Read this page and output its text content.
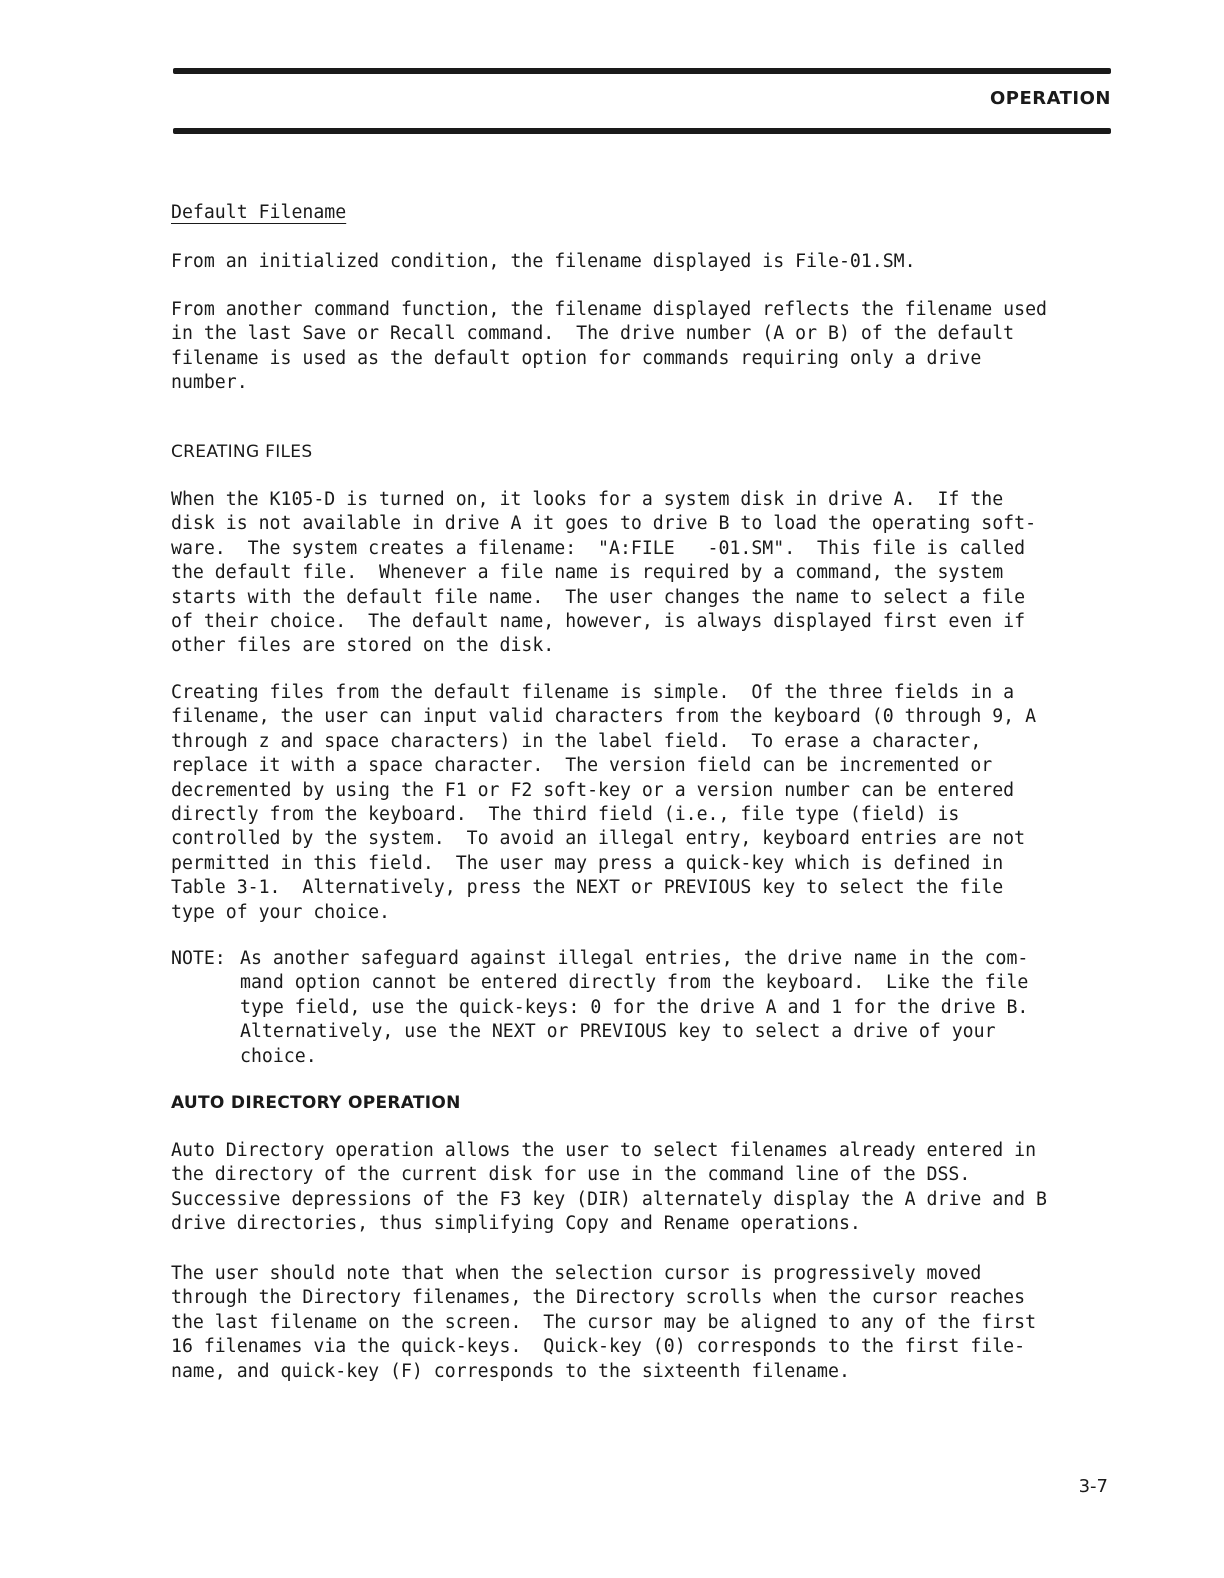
OPERATION
Default Filename

From an initialized condition, the filename displayed is File-01.SM.

From another command function, the filename displayed reflects the filename used
in the last Save or Recall command.  The drive number (A or B) of the default
filename is used as the default option for commands requiring only a drive
number.

CREATING FILES

When the K105-D is turned on, it looks for a system disk in drive A.  If the
disk is not available in drive A it goes to drive B to load the operating soft-
ware.  The system creates a filename:  "A:FILE   -01.SM".  This file is called
the default file.  Whenever a file name is required by a command, the system
starts with the default file name.  The user changes the name to select a file
of their choice.  The default name, however, is always displayed first even if
other files are stored on the disk.

Creating files from the default filename is simple.  Of the three fields in a
filename, the user can input valid characters from the keyboard (0 through 9, A
through z and space characters) in the label field.  To erase a character,
replace it with a space character.  The version field can be incremented or
decremented by using the F1 or F2 soft-key or a version number can be entered
directly from the keyboard.  The third field (i.e., file type (field) is
controlled by the system.  To avoid an illegal entry, keyboard entries are not
permitted in this field.  The user may press a quick-key which is defined in
Table 3-1.  Alternatively, press the NEXT or PREVIOUS key to select the file
type of your choice.

NOTE: As another safeguard against illegal entries, the drive name in the com-
mand option cannot be entered directly from the keyboard.  Like the file
type field, use the quick-keys: 0 for the drive A and 1 for the drive B.
Alternatively, use the NEXT or PREVIOUS key to select a drive of your
choice.

AUTO DIRECTORY OPERATION

Auto Directory operation allows the user to select filenames already entered in
the directory of the current disk for use in the command line of the DSS.
Successive depressions of the F3 key (DIR) alternately display the A drive and B
drive directories, thus simplifying Copy and Rename operations.

The user should note that when the selection cursor is progressively moved
through the Directory filenames, the Directory scrolls when the cursor reaches
the last filename on the screen.  The cursor may be aligned to any of the first
16 filenames via the quick-keys.  Quick-key (0) corresponds to the first file-
name, and quick-key (F) corresponds to the sixteenth filename.

3-7
